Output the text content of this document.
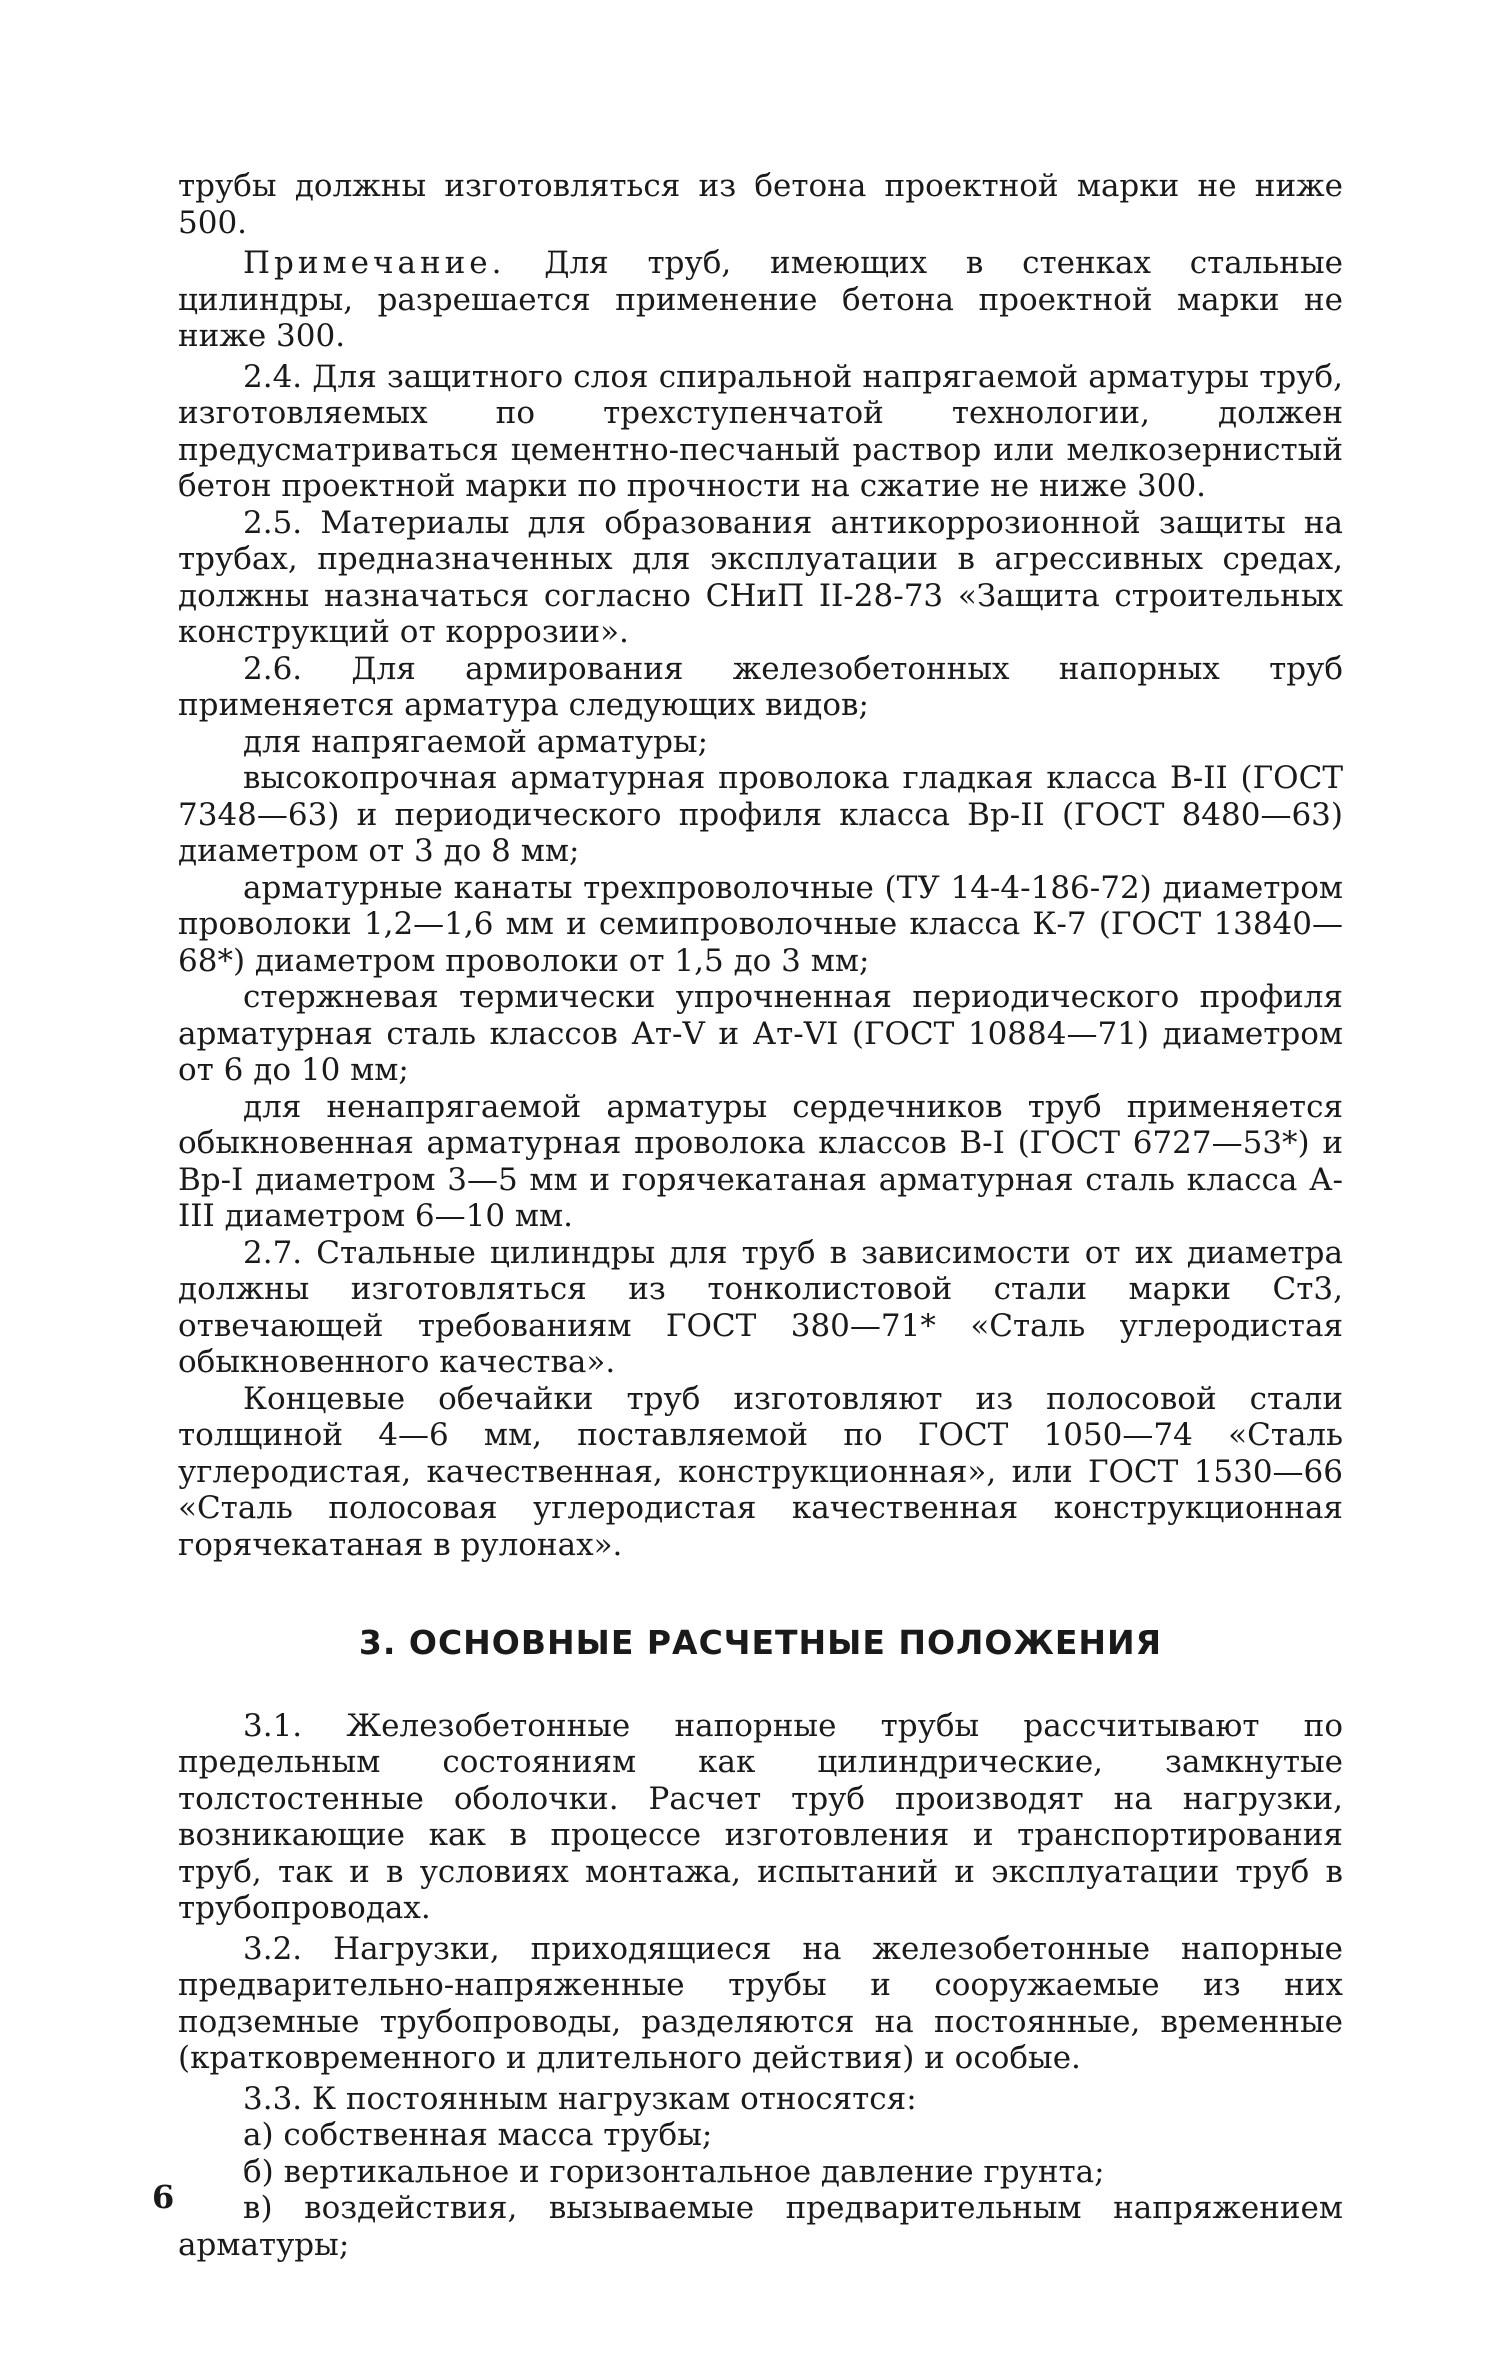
трубы должны изготовляться из бетона проектной марки не ниже 500.

Примечание. Для труб, имеющих в стенках стальные цилиндры, разрешается применение бетона проектной марки не ниже 300.

2.4. Для защитного слоя спиральной напрягаемой арматуры труб, изготовляемых по трехступенчатой технологии, должен предусматриваться цементно-песчаный раствор или мелкозернистый бетон проектной марки по прочности на сжатие не ниже 300.

2.5. Материалы для образования антикоррозионной защиты на трубах, предназначенных для эксплуатации в агрессивных средах, должны назначаться согласно СНиП II-28-73 «Защита строительных конструкций от коррозии».

2.6. Для армирования железобетонных напорных труб применяется арматура следующих видов;

для напрягаемой арматуры;

высокопрочная арматурная проволока гладкая класса В-II (ГОСТ 7348—63) и периодического профиля класса Вр-II (ГОСТ 8480—63) диаметром от 3 до 8 мм;

арматурные канаты трехпроволочные (ТУ 14-4-186-72) диаметром проволоки 1,2—1,6 мм и семипроволочные класса К-7 (ГОСТ 13840—68*) диаметром проволоки от 1,5 до 3 мм;

стержневая термически упрочненная периодического профиля арматурная сталь классов Ат-V и Ат-VI (ГОСТ 10884—71) диаметром от 6 до 10 мм;

для ненапрягаемой арматуры сердечников труб применяется обыкновенная арматурная проволока классов В-I (ГОСТ 6727—53*) и Вр-I диаметром 3—5 мм и горячекатаная арматурная сталь класса А-III диаметром 6—10 мм.

2.7. Стальные цилиндры для труб в зависимости от их диаметра должны изготовляться из тонколистовой стали марки Ст3, отвечающей требованиям ГОСТ 380—71* «Сталь углеродистая обыкновенного качества».

Концевые обечайки труб изготовляют из полосовой стали толщиной 4—6 мм, поставляемой по ГОСТ 1050—74 «Сталь углеродистая, качественная, конструкционная», или ГОСТ 1530—66 «Сталь полосовая углеродистая качественная конструкционная горячекатаная в рулонах».

3. ОСНОВНЫЕ РАСЧЕТНЫЕ ПОЛОЖЕНИЯ

3.1. Железобетонные напорные трубы рассчитывают по предельным состояниям как цилиндрические, замкнутые толстостенные оболочки. Расчет труб производят на нагрузки, возникающие как в процессе изготовления и транспортирования труб, так и в условиях монтажа, испытаний и эксплуатации труб в трубопроводах.

3.2. Нагрузки, приходящиеся на железобетонные напорные предварительно-напряженные трубы и сооружаемые из них подземные трубопроводы, разделяются на постоянные, временные (кратковременного и длительного действия) и особые.

3.3. К постоянным нагрузкам относятся:

а) собственная масса трубы;

б) вертикальное и горизонтальное давление грунта;

в) воздействия, вызываемые предварительным напряжением арматуры;

6
